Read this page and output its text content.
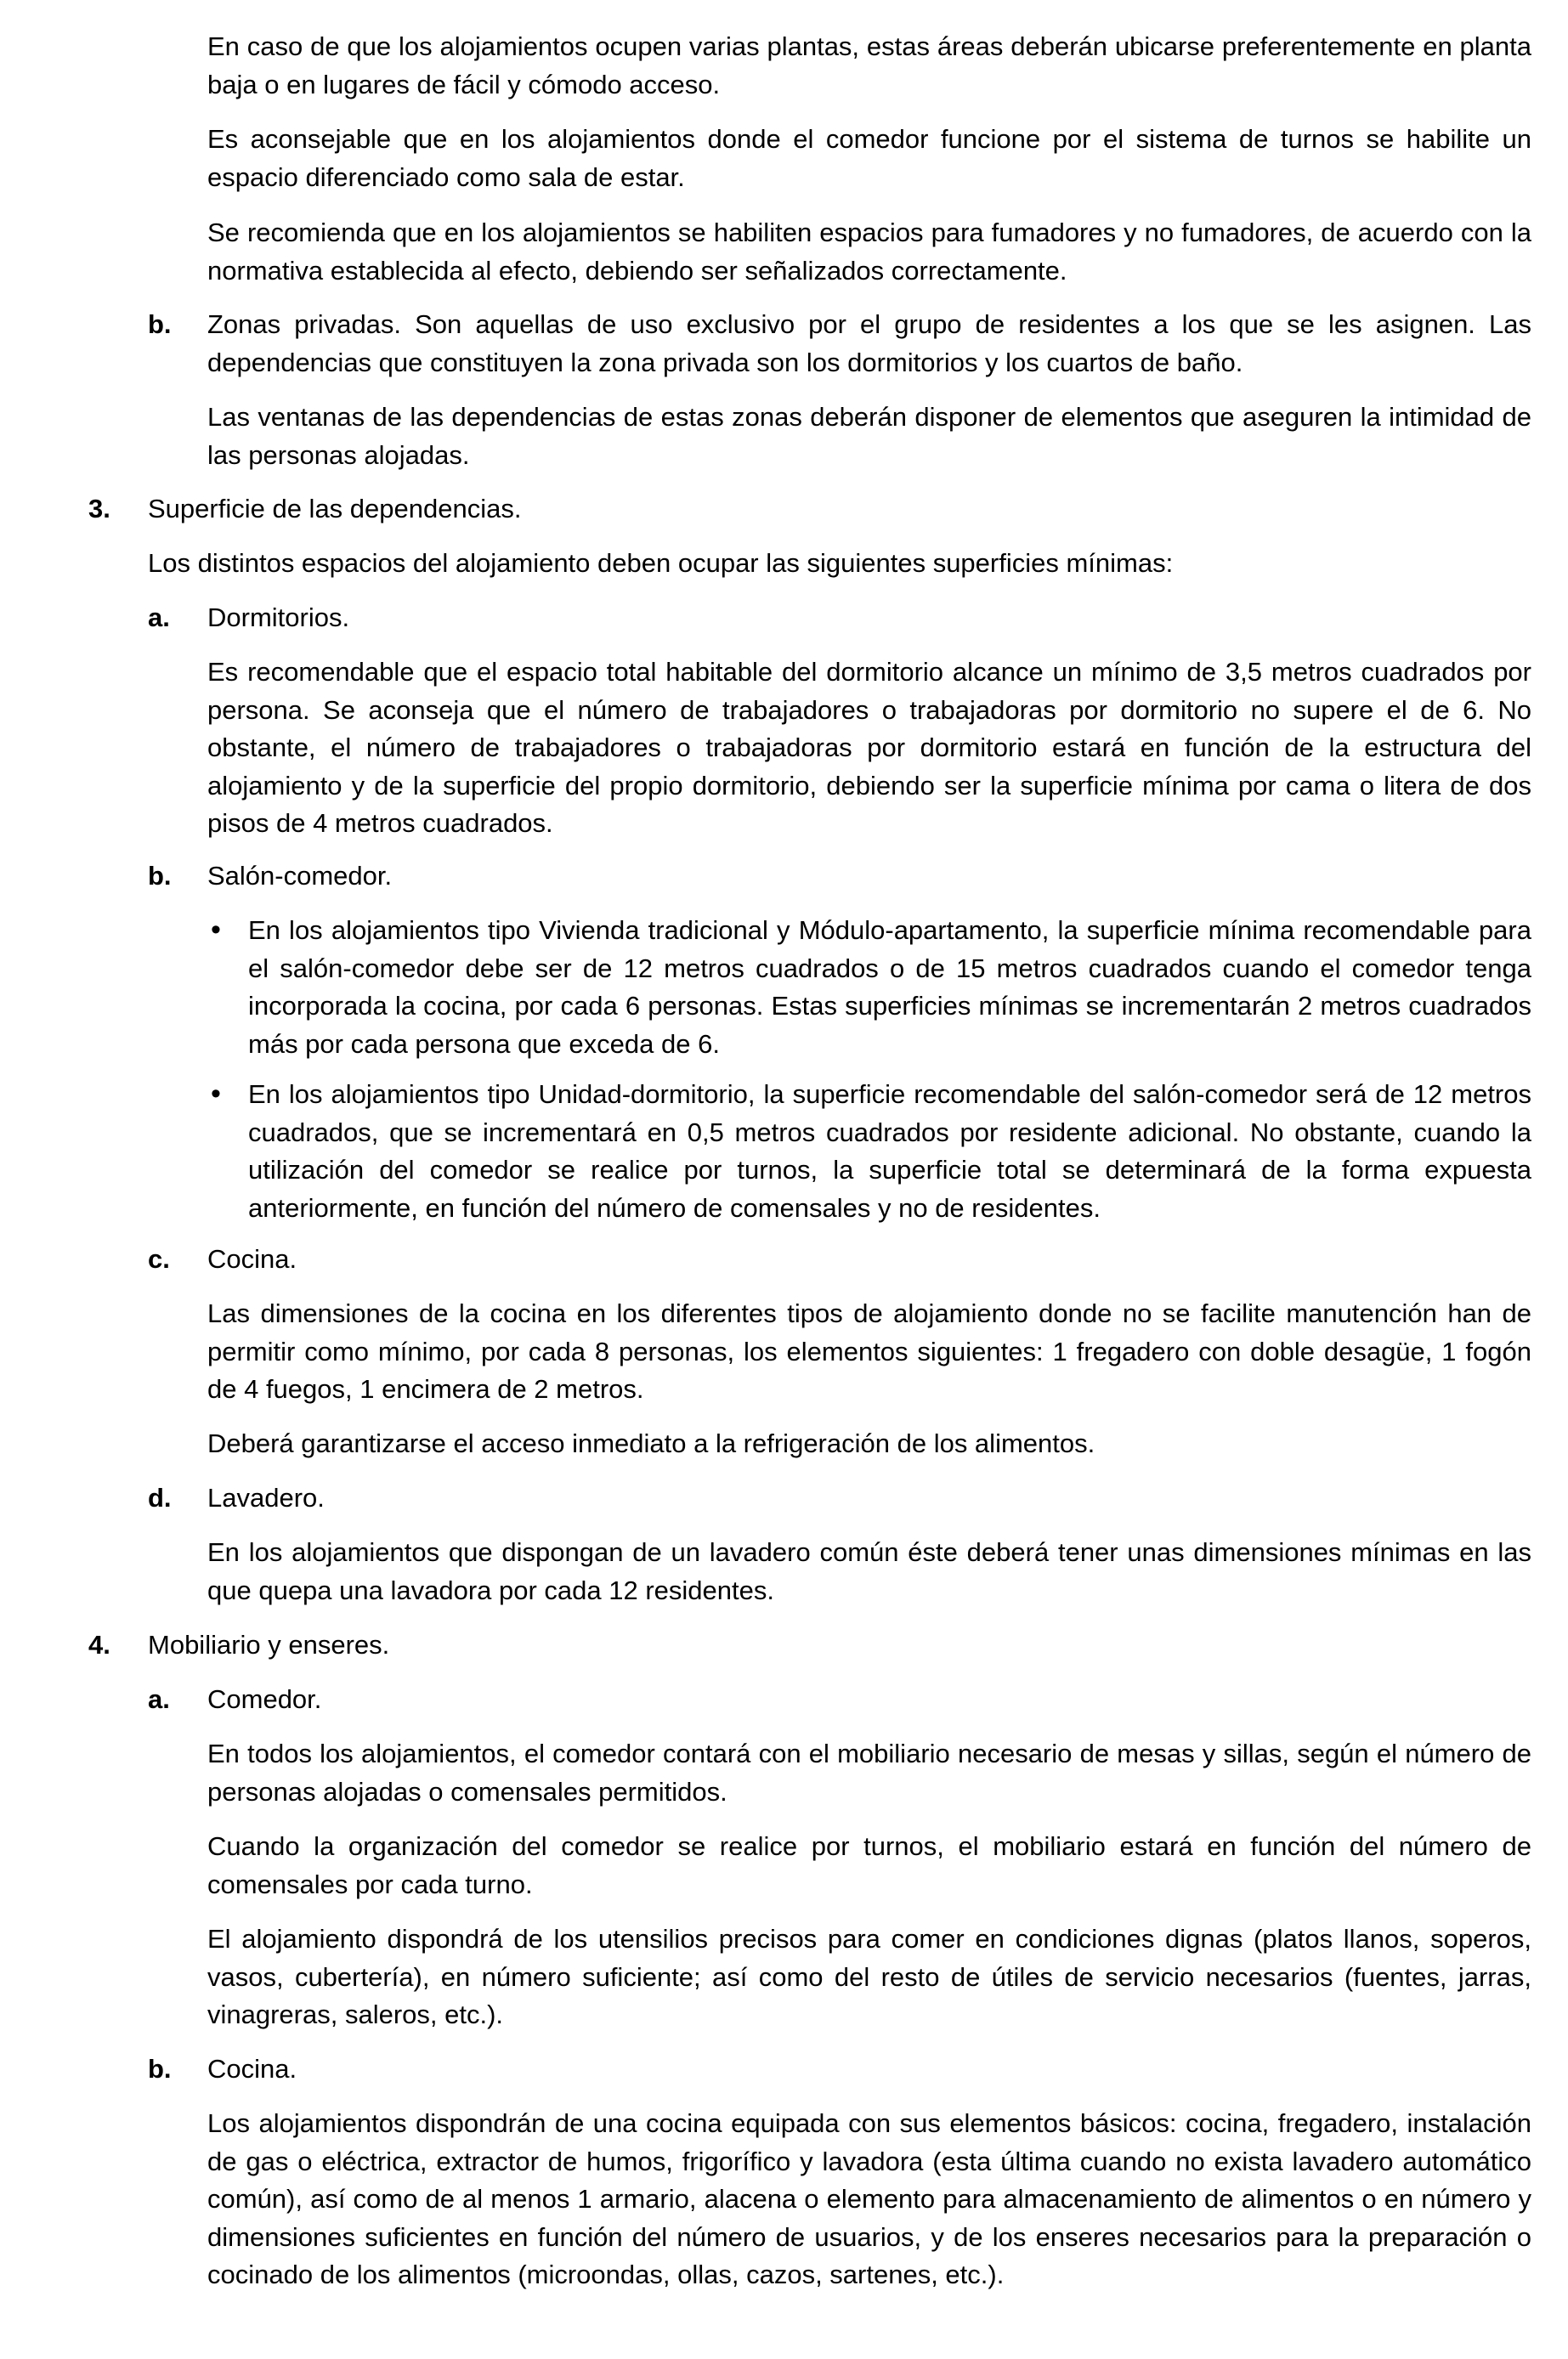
En caso de que los alojamientos ocupen varias plantas, estas áreas deberán ubicarse preferentemente en planta baja o en lugares de fácil y cómodo acceso.

Es aconsejable que en los alojamientos donde el comedor funcione por el sistema de turnos se habilite un espacio diferenciado como sala de estar.

Se recomienda que en los alojamientos se habiliten espacios para fumadores y no fumadores, de acuerdo con la normativa establecida al efecto, debiendo ser señalizados correctamente.

b. Zonas privadas. Son aquellas de uso exclusivo por el grupo de residentes a los que se les asignen. Las dependencias que constituyen la zona privada son los dormitorios y los cuartos de baño.

Las ventanas de las dependencias de estas zonas deberán disponer de elementos que aseguren la intimidad de las personas alojadas.

3. Superficie de las dependencias.

Los distintos espacios del alojamiento deben ocupar las siguientes superficies mínimas:

a. Dormitorios.

Es recomendable que el espacio total habitable del dormitorio alcance un mínimo de 3,5 metros cuadrados por persona. Se aconseja que el número de trabajadores o trabajadoras por dormitorio no supere el de 6. No obstante, el número de trabajadores o trabajadoras por dormitorio estará en función de la estructura del alojamiento y de la superficie del propio dormitorio, debiendo ser la superficie mínima por cama o litera de dos pisos de 4 metros cuadrados.

b. Salón-comedor.

• En los alojamientos tipo Vivienda tradicional y Módulo-apartamento, la superficie mínima recomendable para el salón-comedor debe ser de 12 metros cuadrados o de 15 metros cuadrados cuando el comedor tenga incorporada la cocina, por cada 6 personas. Estas superficies mínimas se incrementarán 2 metros cuadrados más por cada persona que exceda de 6.

• En los alojamientos tipo Unidad-dormitorio, la superficie recomendable del salón-comedor será de 12 metros cuadrados, que se incrementará en 0,5 metros cuadrados por residente adicional. No obstante, cuando la utilización del comedor se realice por turnos, la superficie total se determinará de la forma expuesta anteriormente, en función del número de comensales y no de residentes.

c. Cocina.

Las dimensiones de la cocina en los diferentes tipos de alojamiento donde no se facilite manutención han de permitir como mínimo, por cada 8 personas, los elementos siguientes: 1 fregadero con doble desagüe, 1 fogón de 4 fuegos, 1 encimera de 2 metros.

Deberá garantizarse el acceso inmediato a la refrigeración de los alimentos.

d. Lavadero.

En los alojamientos que dispongan de un lavadero común éste deberá tener unas dimensiones mínimas en las que quepa una lavadora por cada 12 residentes.

4. Mobiliario y enseres.

a. Comedor.

En todos los alojamientos, el comedor contará con el mobiliario necesario de mesas y sillas, según el número de personas alojadas o comensales permitidos.

Cuando la organización del comedor se realice por turnos, el mobiliario estará en función del número de comensales por cada turno.

El alojamiento dispondrá de los utensilios precisos para comer en condiciones dignas (platos llanos, soperos, vasos, cubertería), en número suficiente; así como del resto de útiles de servicio necesarios (fuentes, jarras, vinagreras, saleros, etc.).

b. Cocina.

Los alojamientos dispondrán de una cocina equipada con sus elementos básicos: cocina, fregadero, instalación de gas o eléctrica, extractor de humos, frigorífico y lavadora (esta última cuando no exista lavadero automático común), así como de al menos 1 armario, alacena o elemento para almacenamiento de alimentos o en número y dimensiones suficientes en función del número de usuarios, y de los enseres necesarios para la preparación o cocinado de los alimentos (microondas, ollas, cazos, sartenes, etc.).
